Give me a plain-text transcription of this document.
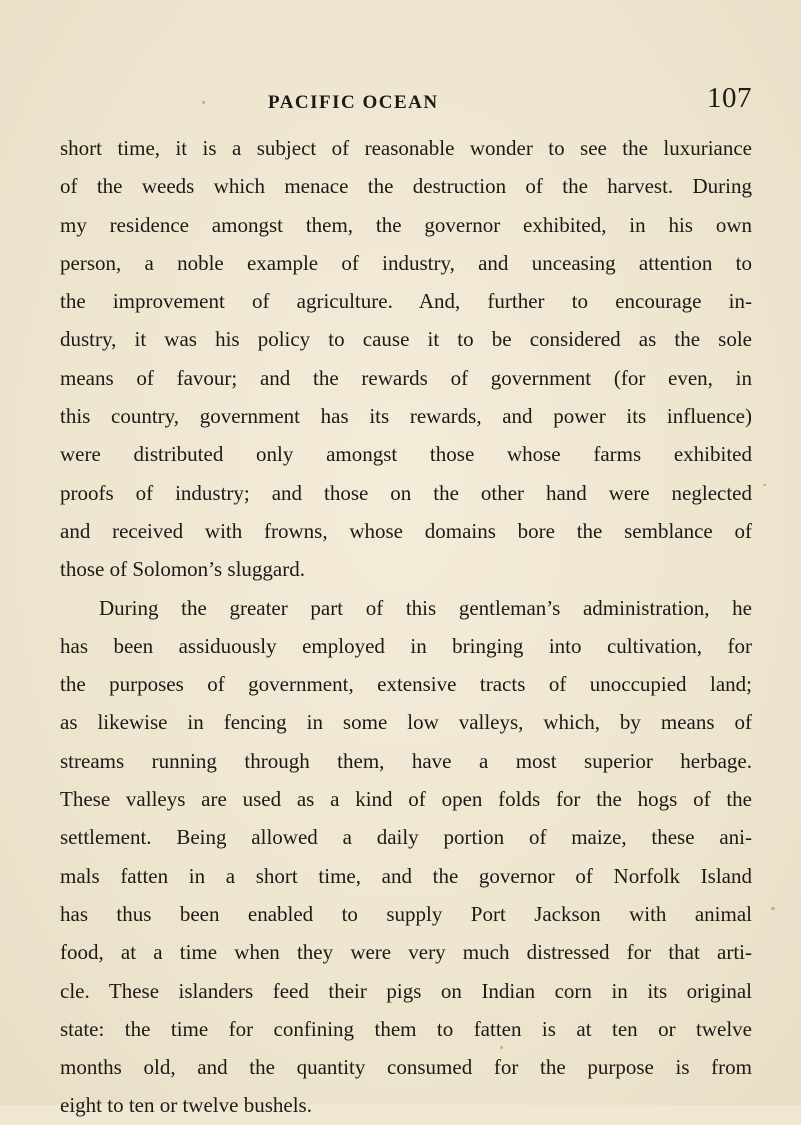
PACIFIC OCEAN	107
short time, it is a subject of reasonable wonder to see the luxuriance
of the weeds which menace the destruction of the harvest. During
my residence amongst them, the governor exhibited, in his own
person, a noble example of industry, and unceasing attention to
the improvement of agriculture. And, further to encourage in-
dustry, it was his policy to cause it to be considered as the sole
means of favour; and the rewards of government (for even, in
this country, government has its rewards, and power its influence)
were distributed only amongst those whose farms exhibited
proofs of industry; and those on the other hand were neglected
and received with frowns, whose domains bore the semblance of
those of Solomon’s sluggard.
During the greater part of this gentleman’s administration, he
has been assiduously employed in bringing into cultivation, for
the purposes of government, extensive tracts of unoccupied land;
as likewise in fencing in some low valleys, which, by means of
streams running through them, have a most superior herbage.
These valleys are used as a kind of open folds for the hogs of the
settlement. Being allowed a daily portion of maize, these ani-
mals fatten in a short time, and the governor of Norfolk Island
has thus been enabled to supply Port Jackson with animal
food, at a time when they were very much distressed for that arti-
cle. These islanders feed their pigs on Indian corn in its original
state: the time for confining them to fatten is at ten or twelve
months old, and the quantity consumed for the purpose is from
eight to ten or twelve bushels.
